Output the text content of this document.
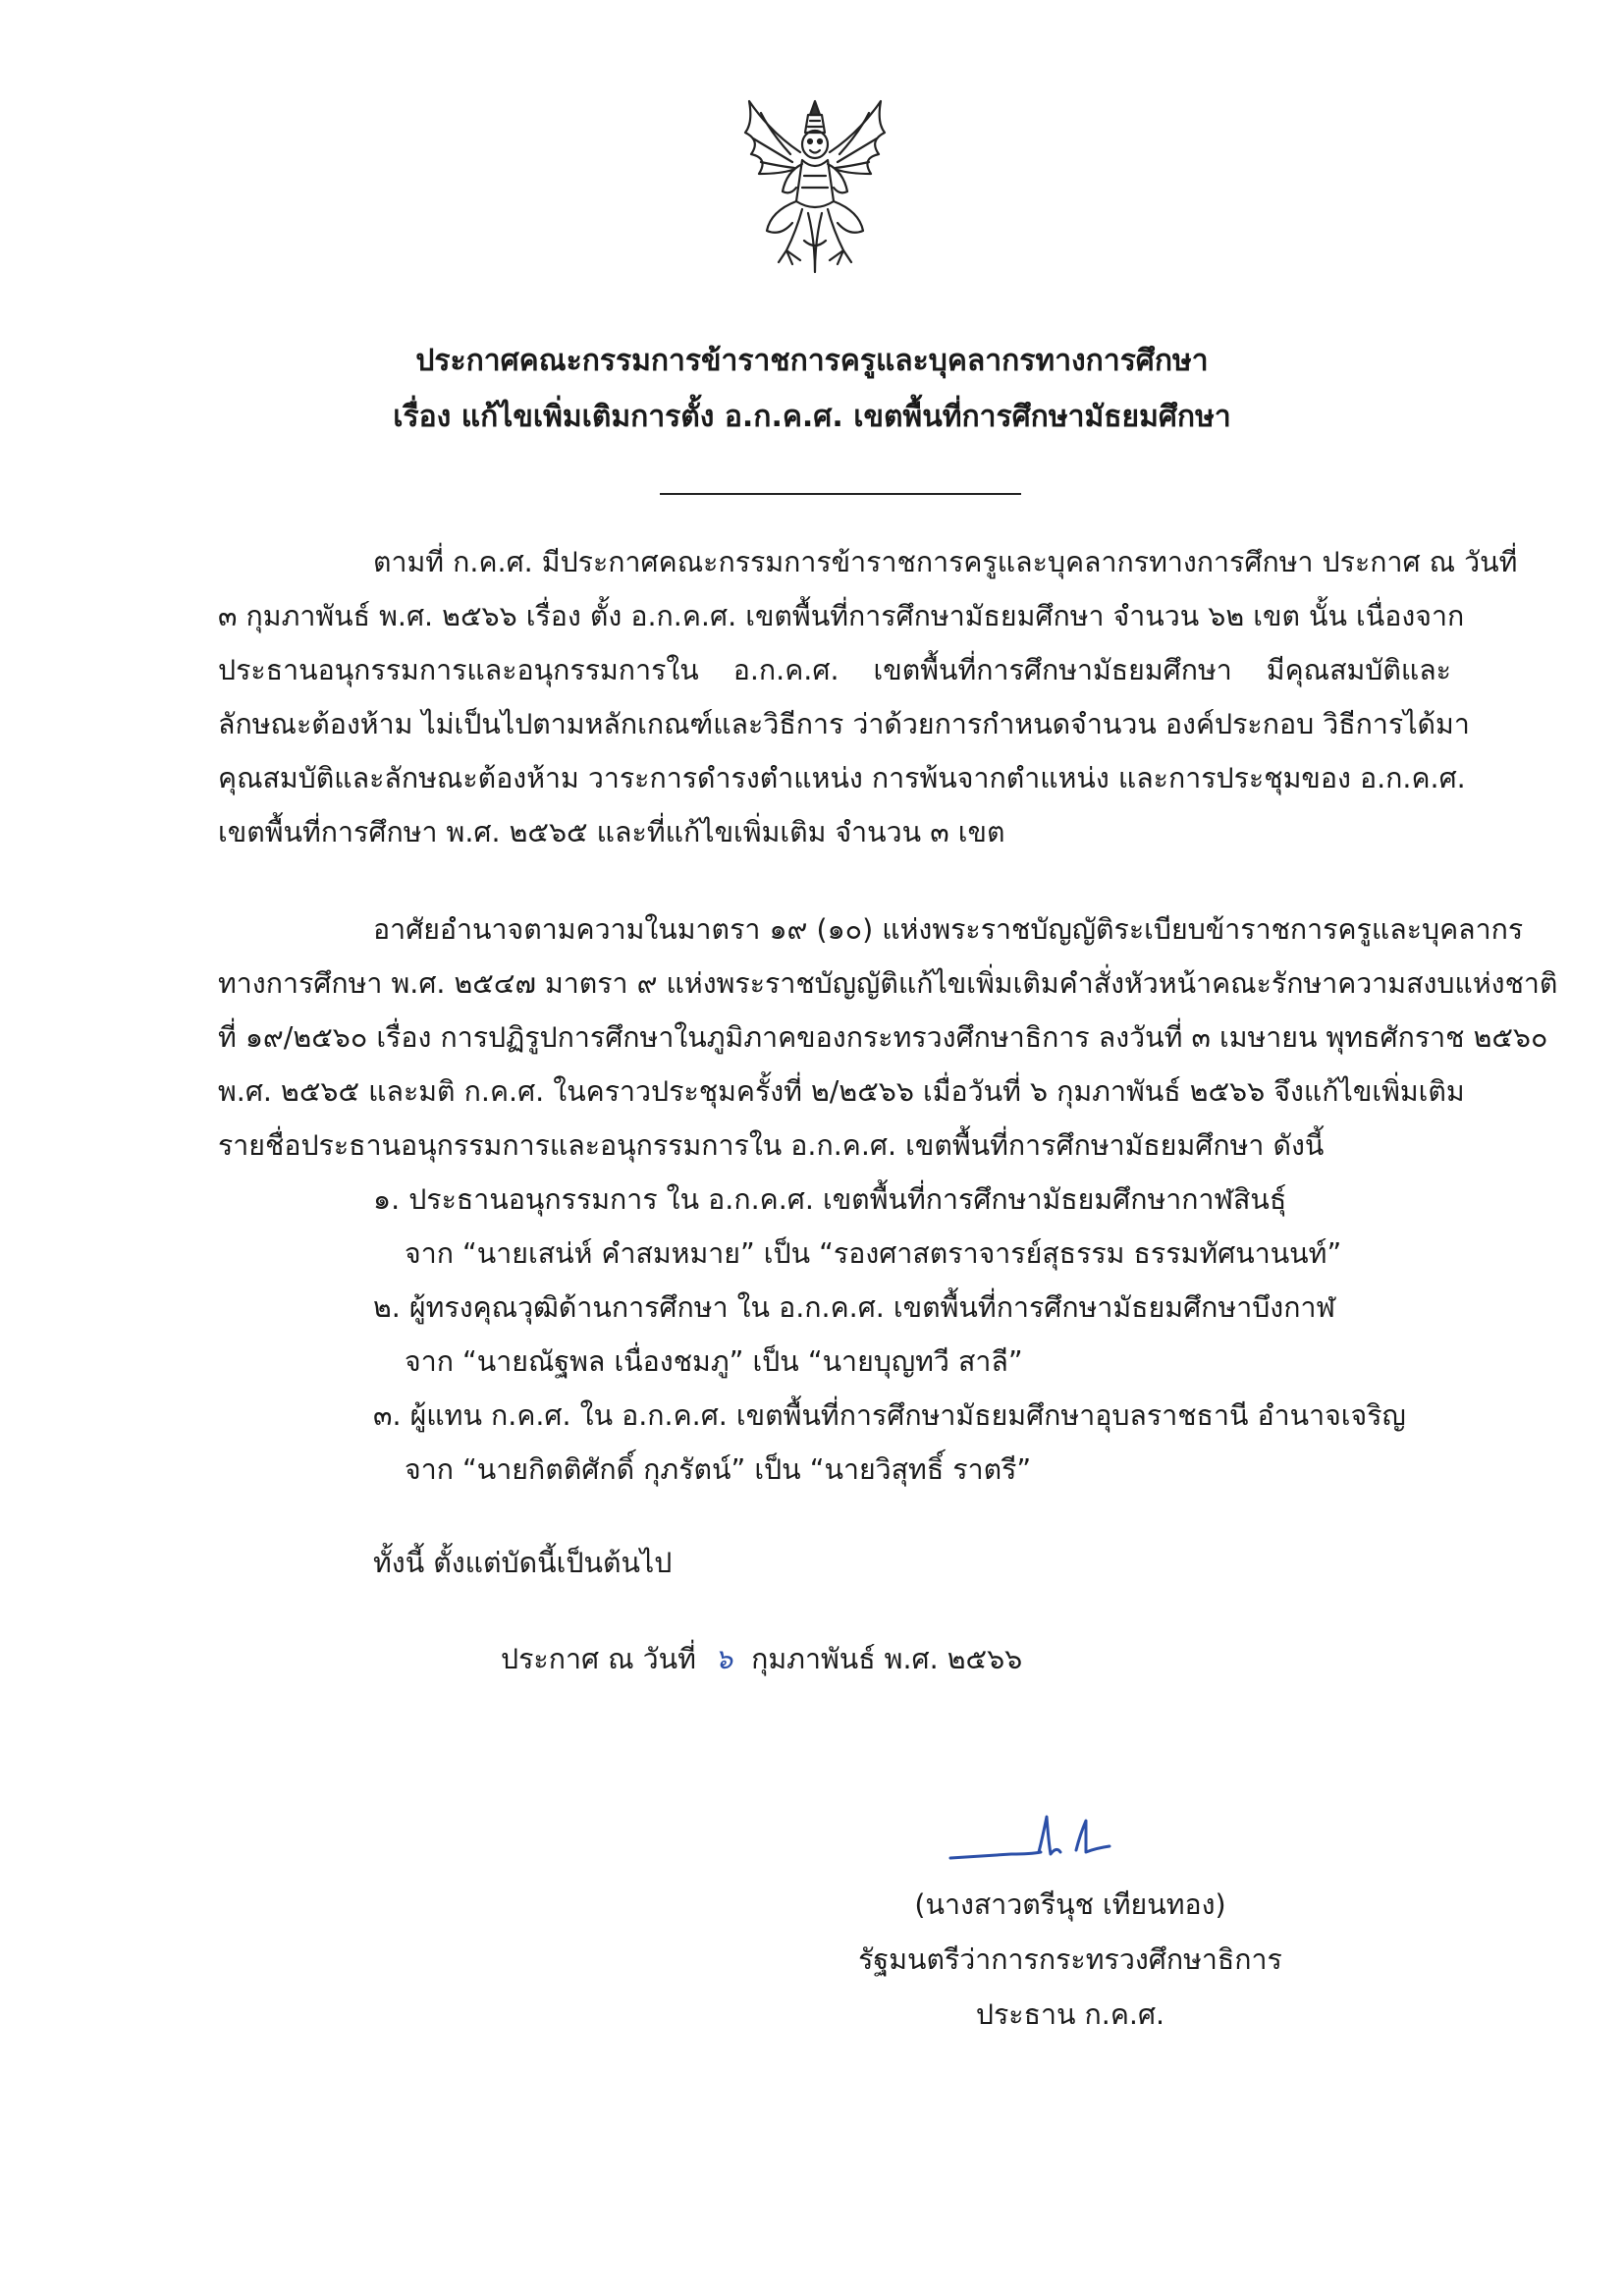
ประกาศคณะกรรมการข้าราชการครูและบุคลากรทางการศึกษา
เรื่อง แก้ไขเพิ่มเติมการตั้ง อ.ก.ค.ศ. เขตพื้นที่การศึกษามัธยมศึกษา
ตามที่ ก.ค.ศ. มีประกาศคณะกรรมการข้าราชการครูและบุคลากรทางการศึกษา ประกาศ ณ วันที่
๓ กุมภาพันธ์ พ.ศ. ๒๕๖๖ เรื่อง ตั้ง อ.ก.ค.ศ. เขตพื้นที่การศึกษามัธยมศึกษา จำนวน ๖๒ เขต นั้น เนื่องจาก
ประธานอนุกรรมการและอนุกรรมการใน อ.ก.ค.ศ. เขตพื้นที่การศึกษามัธยมศึกษา มีคุณสมบัติและ
ลักษณะต้องห้าม ไม่เป็นไปตามหลักเกณฑ์และวิธีการ ว่าด้วยการกำหนดจำนวน องค์ประกอบ วิธีการได้มา
คุณสมบัติและลักษณะต้องห้าม วาระการดำรงตำแหน่ง การพ้นจากตำแหน่ง และการประชุมของ อ.ก.ค.ศ.
เขตพื้นที่การศึกษา พ.ศ. ๒๕๖๕ และที่แก้ไขเพิ่มเติม จำนวน ๓ เขต
อาศัยอำนาจตามความในมาตรา ๑๙ (๑๐) แห่งพระราชบัญญัติระเบียบข้าราชการครูและบุคลากร
ทางการศึกษา พ.ศ. ๒๕๔๗ มาตรา ๙ แห่งพระราชบัญญัติแก้ไขเพิ่มเติมคำสั่งหัวหน้าคณะรักษาความสงบแห่งชาติ
ที่ ๑๙/๒๕๖๐ เรื่อง การปฏิรูปการศึกษาในภูมิภาคของกระทรวงศึกษาธิการ ลงวันที่ ๓ เมษายน พุทธศักราช ๒๕๖๐
พ.ศ. ๒๕๖๕ และมติ ก.ค.ศ. ในคราวประชุมครั้งที่ ๒/๒๕๖๖ เมื่อวันที่ ๖ กุมภาพันธ์ ๒๕๖๖ จึงแก้ไขเพิ่มเติม
รายชื่อประธานอนุกรรมการและอนุกรรมการใน อ.ก.ค.ศ. เขตพื้นที่การศึกษามัธยมศึกษา ดังนี้
๑. ประธานอนุกรรมการ ใน อ.ก.ค.ศ. เขตพื้นที่การศึกษามัธยมศึกษากาฬสินธุ์
จาก “นายเสน่ห์ คำสมหมาย” เป็น “รองศาสตราจารย์สุธรรม ธรรมทัศนานนท์”
๒. ผู้ทรงคุณวุฒิด้านการศึกษา ใน อ.ก.ค.ศ. เขตพื้นที่การศึกษามัธยมศึกษาบึงกาฬ
จาก “นายณัฐพล เนื่องชมภู” เป็น “นายบุญทวี สาลี”
๓. ผู้แทน ก.ค.ศ. ใน อ.ก.ค.ศ. เขตพื้นที่การศึกษามัธยมศึกษาอุบลราชธานี อำนาจเจริญ
จาก “นายกิตติศักดิ์ กุภรัตน์” เป็น “นายวิสุทธิ์ ราตรี”
ทั้งนี้ ตั้งแต่บัดนี้เป็นต้นไป
ประกาศ ณ วันที่ ๖ กุมภาพันธ์ พ.ศ. ๒๕๖๖
(นางสาวตรีนุช เทียนทอง)
รัฐมนตรีว่าการกระทรวงศึกษาธิการ
ประธาน ก.ค.ศ.
